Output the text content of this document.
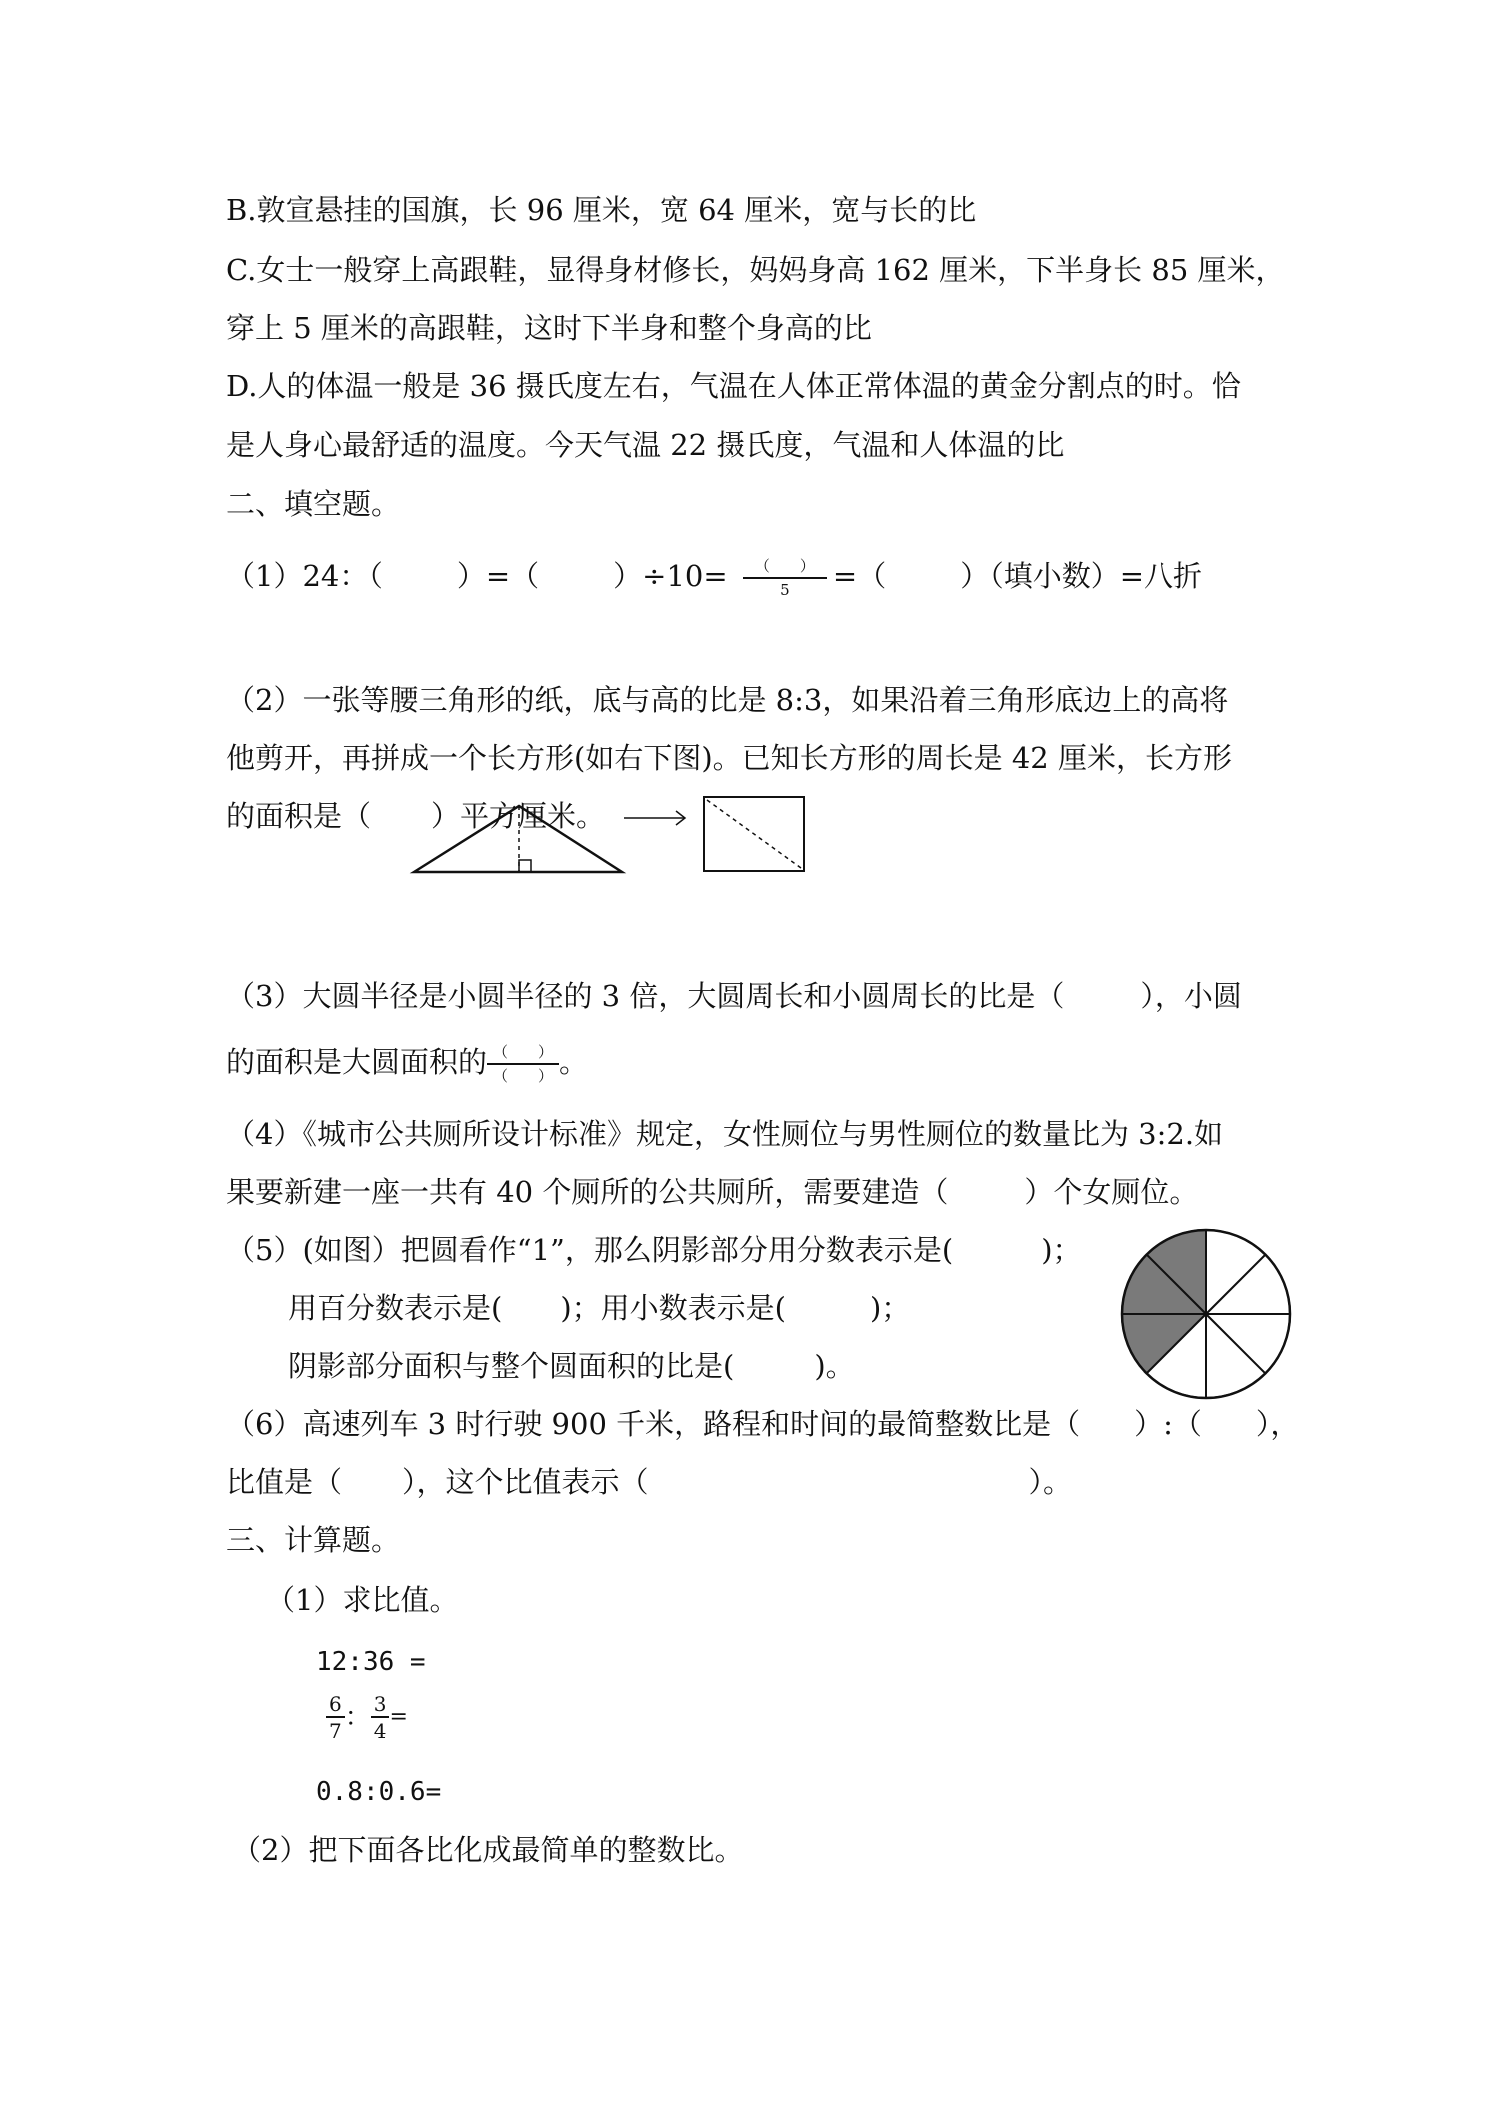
B.敦宣悬挂的国旗，长 96 厘米，宽 64 厘米，宽与长的比
C.女士一般穿上高跟鞋，显得身材修长，妈妈身高 162 厘米，下半身长 85 厘米，
穿上 5 厘米的高跟鞋，这时下半身和整个身高的比
D.人的体温一般是 36 摄氏度左右，气温在人体正常体温的黄金分割点的时。恰
是人身心最舒适的温度。今天气温 22 摄氏度，气温和人体温的比
二、填空题。
（1）24：（	）=（	）$\div 10= \frac{( )}{5}$ =（	）（填小数）=八折
（2）一张等腰三角形的纸，底与高的比是 8:3，如果沿着三角形底边上的高将
他剪开，再拼成一个长方形(如右下图)。已知长方形的周长是 42 厘米，长方形
的面积是（ ）平方厘米。
（3）大圆半径是小圆半径的 3 倍，大圆周长和小圆周长的比是（	），小圆
的面积是大圆面积的 $\frac{( )}{( )}$ 。
（4）《城市公共厕所设计标准》规定，女性厕位与男性厕位的数量比为 3:2.如
果要新建一座一共有 40 个厕所的公共厕所，需要建造（	）个女厕位。
（5）(如图）把圆看作“1”，那么阴影部分用分数表示是(	)；
用百分数表示是( )；用小数表示是(	)；
阴影部分面积与整个圆面积的比是(	)。
（6）高速列车 3 时行驶 900 千米，路程和时间的最简整数比是（ ）:（ ），
比值是（ ），这个比值表示（	）。
三、计算题。
（1）求比值。
12:36 =
$\frac{6}{7}$ ： $\frac{3}{4}$ =
0.8:0.6=
（2）把下面各比化成最简单的整数比。
